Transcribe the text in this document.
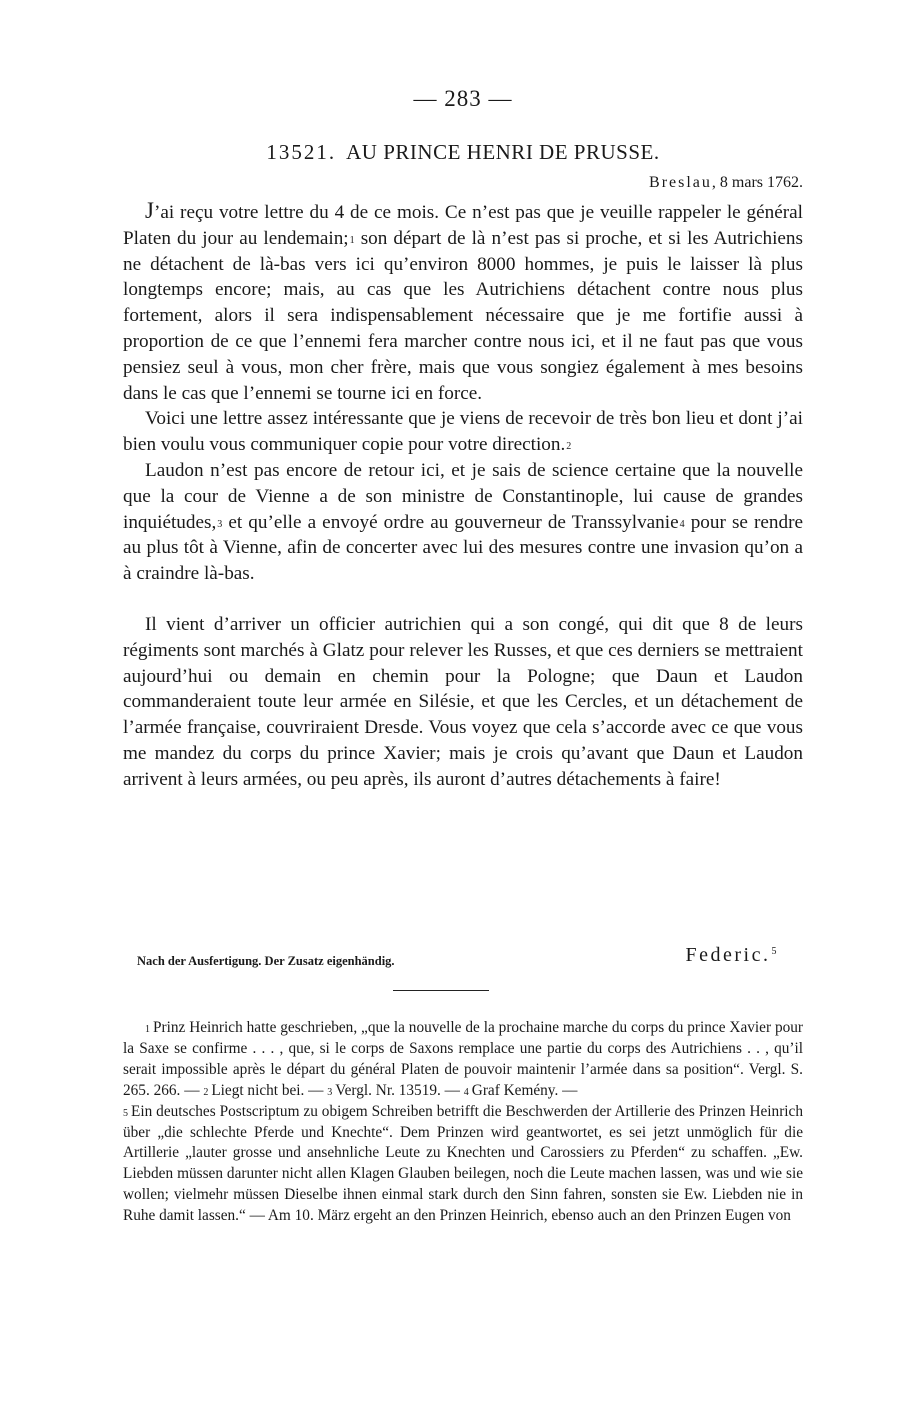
— 283 —
13521. AU PRINCE HENRI DE PRUSSE.
Breslau, 8 mars 1762.

J’ai reçu votre lettre du 4 de ce mois. Ce n’est pas que je veuille rappeler le général Platen du jour au lendemain;$^1$ son départ de là n’est pas si proche, et si les Autrichiens ne détachent de là-bas vers ici qu’environ 8000 hommes, je puis le laisser là plus longtemps encore; mais, au cas que les Autrichiens détachent contre nous plus fortement, alors il sera indispensablement nécessaire que je me fortifie aussi à proportion de ce que l’ennemi fera marcher contre nous ici, et il ne faut pas que vous pensiez seul à vous, mon cher frère, mais que vous songiez également à mes besoins dans le cas que l’ennemi se tourne ici en force.

Voici une lettre assez intéressante que je viens de recevoir de très bon lieu et dont j’ai bien voulu vous communiquer copie pour votre direction.$^2$

Laudon n’est pas encore de retour ici, et je sais de science certaine que la nouvelle que la cour de Vienne a de son ministre de Constantinople, lui cause de grandes inquiétudes,$^3$ et qu’elle a envoyé ordre au gouverneur de Transsylvanie$^4$ pour se rendre au plus tôt à Vienne, afin de concerter avec lui des mesures contre une invasion qu’on a à craindre là-bas.

Il vient d’arriver un officier autrichien qui a son congé, qui dit que 8 de leurs régiments sont marchés à Glatz pour relever les Russes, et que ces derniers se mettraient aujourd’hui ou demain en chemin pour la Pologne; que Daun et Laudon commanderaient toute leur armée en Silésie, et que les Cercles, et un détachement de l’armée française, couvriraient Dresde. Vous voyez que cela s’accorde avec ce que vous me mandez du corps du prince Xavier; mais je crois qu’avant que Daun et Laudon arrivent à leurs armées, ou peu après, ils auront d’autres détachements à faire!

Nach der Ausfertigung. Der Zusatz eigenhändig.	Federic.$^5$

$^1$ Prinz Heinrich hatte geschrieben, „que la nouvelle de la prochaine marche du corps du prince Xavier pour la Saxe se confirme . . . , que, si le corps de Saxons remplace une partie du corps des Autrichiens . . , qu’il serait impossible après le départ du général Platen de pouvoir maintenir l’armée dans sa position“. Vergl. S. 265. 266. — $^2$ Liegt nicht bei. — $^3$ Vergl. Nr. 13519. — $^4$ Graf Kemény. —

$^5$ Ein deutsches Postscriptum zu obigem Schreiben betrifft die Beschwerden der Artillerie des Prinzen Heinrich über „die schlechte Pferde und Knechte“. Dem Prinzen wird geantwortet, es sei jetzt unmöglich für die Artillerie „lauter grosse und ansehnliche Leute zu Knechten und Carossiers zu Pferden“ zu schaffen. „Ew. Liebden müssen darunter nicht allen Klagen Glauben beilegen, noch die Leute machen lassen, was und wie sie wollen; vielmehr müssen Dieselbe ihnen einmal stark durch den Sinn fahren, sonsten sie Ew. Liebden nie in Ruhe damit lassen.“ — Am 10. März ergeht an den Prinzen Heinrich, ebenso auch an den Prinzen Eugen von
